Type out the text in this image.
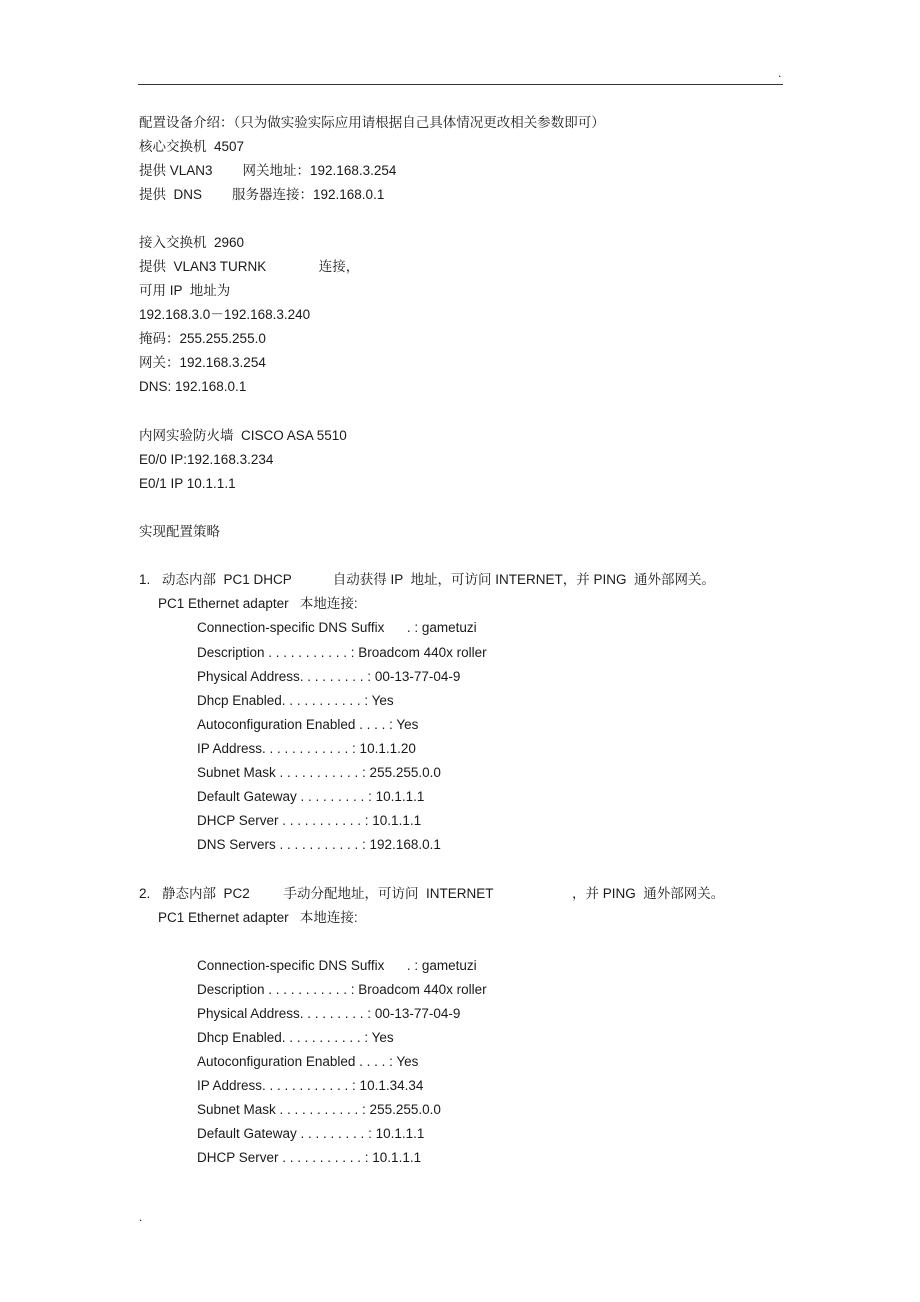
.
配置设备介绍：（只为做实验实际应用请根据自己具体情况更改相关参数即可）
核心交换机  4507
提供 VLAN3        网关地址：192.168.3.254
提供  DNS        服务器连接：192.168.0.1
接入交换机  2960
提供  VLAN3 TURNK              连接，
可用 IP  地址为
192.168.3.0－192.168.3.240
掩码：255.255.255.0
网关：192.168.3.254
DNS: 192.168.0.1
内网实验防火墙  CISCO ASA 5510
E0/0 IP:192.168.3.234
E0/1 IP 10.1.1.1
实现配置策略
1. 动态内部  PC1 DHCP           自动获得 IP  地址，可访问 INTERNET，并 PING  通外部网关。
PC1 Ethernet adapter   本地连接:
Connection-specific DNS Suffix      . : gametuzi
Description . . . . . . . . . . . : Broadcom 440x roller
Physical Address. . . . . . . . . : 00-13-77-04-9
Dhcp Enabled. . . . . . . . . . . : Yes
Autoconfiguration Enabled . . . . : Yes
IP Address. . . . . . . . . . . . : 10.1.1.20
Subnet Mask . . . . . . . . . . . : 255.255.0.0
Default Gateway . . . . . . . . . : 10.1.1.1
DHCP Server . . . . . . . . . . . : 10.1.1.1
DNS Servers . . . . . . . . . . . : 192.168.0.1
2. 静态内部  PC2         手动分配地址，可访问  INTERNET                     ，并 PING  通外部网关。
PC1 Ethernet adapter   本地连接:
Connection-specific DNS Suffix      . : gametuzi
Description . . . . . . . . . . . : Broadcom 440x roller
Physical Address. . . . . . . . . : 00-13-77-04-9
Dhcp Enabled. . . . . . . . . . . : Yes
Autoconfiguration Enabled . . . . : Yes
IP Address. . . . . . . . . . . . : 10.1.34.34
Subnet Mask . . . . . . . . . . . : 255.255.0.0
Default Gateway . . . . . . . . . : 10.1.1.1
DHCP Server . . . . . . . . . . . : 10.1.1.1
.
